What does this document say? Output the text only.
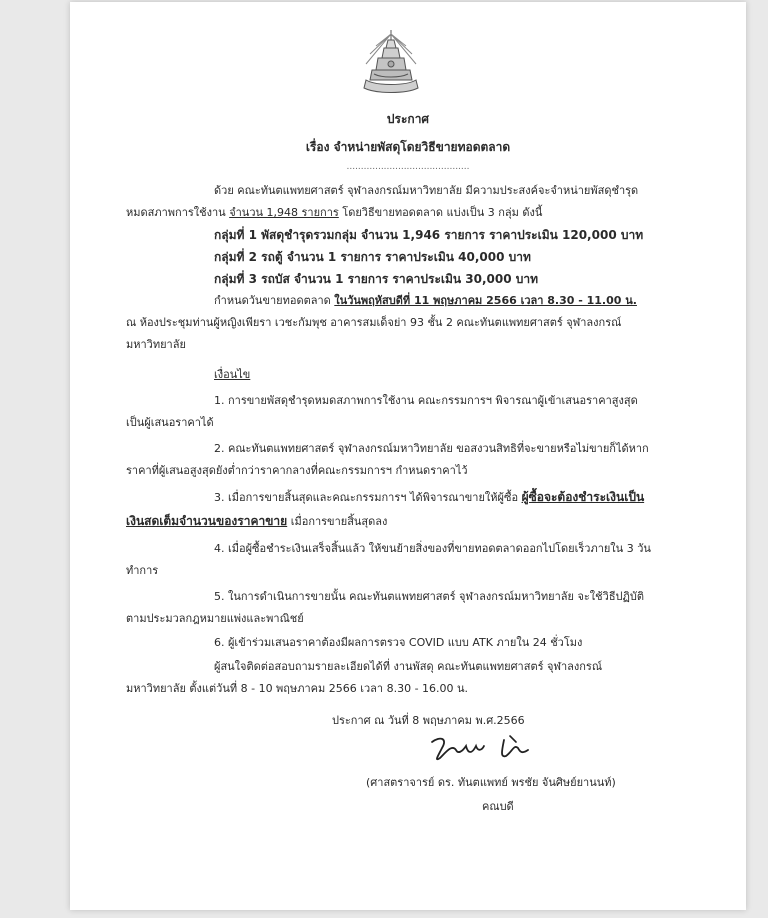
ประกาศ

เรื่อง จำหน่ายพัสดุโดยวิธีขายทอดตลาด

...........................................

ด้วย คณะทันตแพทยศาสตร์ จุฬาลงกรณ์มหาวิทยาลัย มีความประสงค์จะจำหน่ายพัสดุชำรุด

หมดสภาพการใช้งาน จำนวน 1,948 รายการ โดยวิธีขายทอดตลาด แบ่งเป็น 3 กลุ่ม ดังนี้

กลุ่มที่ 1 พัสดุชำรุดรวมกลุ่ม จำนวน 1,946 รายการ ราคาประเมิน 120,000 บาท

กลุ่มที่ 2 รถตู้ จำนวน 1 รายการ ราคาประเมิน 40,000 บาท

กลุ่มที่ 3 รถบัส จำนวน 1 รายการ ราคาประเมิน 30,000 บาท

กำหนดวันขายทอดตลาด ในวันพฤหัสบดีที่ 11 พฤษภาคม 2566 เวลา 8.30 - 11.00 น.

ณ ห้องประชุมท่านผู้หญิงเพียรา เวชะกัมพุช อาคารสมเด็จย่า 93 ชั้น 2 คณะทันตแพทยศาสตร์ จุฬาลงกรณ์

มหาวิทยาลัย

เงื่อนไข

1. การขายพัสดุชำรุดหมดสภาพการใช้งาน คณะกรรมการฯ พิจารณาผู้เข้าเสนอราคาสูงสุด

เป็นผู้เสนอราคาได้

2. คณะทันตแพทยศาสตร์ จุฬาลงกรณ์มหาวิทยาลัย ขอสงวนสิทธิที่จะขายหรือไม่ขายก็ได้หาก

ราคาที่ผู้เสนอสูงสุดยังต่ำกว่าราคากลางที่คณะกรรมการฯ กำหนดราคาไว้

3. เมื่อการขายสิ้นสุดและคณะกรรมการฯ ได้พิจารณาขายให้ผู้ซื้อ ผู้ซื้อจะต้องชำระเงินเป็น

เงินสดเต็มจำนวนของราคาขาย เมื่อการขายสิ้นสุดลง

4. เมื่อผู้ซื้อชำระเงินเสร็จสิ้นแล้ว ให้ขนย้ายสิ่งของที่ขายทอดตลาดออกไปโดยเร็วภายใน 3 วัน

ทำการ

5. ในการดำเนินการขายนั้น คณะทันตแพทยศาสตร์ จุฬาลงกรณ์มหาวิทยาลัย จะใช้วิธีปฏิบัติ

ตามประมวลกฎหมายแพ่งและพาณิชย์

6. ผู้เข้าร่วมเสนอราคาต้องมีผลการตรวจ COVID แบบ ATK ภายใน 24 ชั่วโมง

ผู้สนใจติดต่อสอบถามรายละเอียดได้ที่ งานพัสดุ คณะทันตแพทยศาสตร์ จุฬาลงกรณ์

มหาวิทยาลัย ตั้งแต่วันที่ 8 - 10 พฤษภาคม 2566 เวลา 8.30 - 16.00 น.

ประกาศ ณ วันที่ 8 พฤษภาคม พ.ศ.2566

(ศาสตราจารย์ ดร. ทันตแพทย์ พรชัย จันศิษย์ยานนท์)

คณบดี
